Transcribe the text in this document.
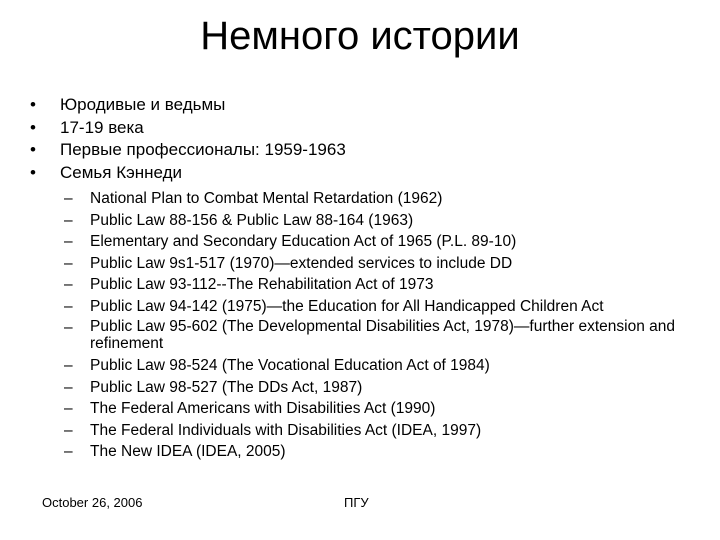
Немного истории
• Юродивые и ведьмы
• 17-19 века
• Первые профессионалы: 1959-1963
• Семья Кэннеди
– National Plan to Combat Mental Retardation (1962)
– Public Law 88-156 & Public Law 88-164 (1963)
– Elementary and Secondary Education Act of 1965 (P.L. 89-10)
– Public Law 9s1-517 (1970)—extended services to include DD
– Public Law 93-112--The Rehabilitation Act of 1973
– Public Law 94-142 (1975)—the Education for All Handicapped Children Act
– Public Law 95-602 (The Developmental Disabilities Act, 1978)—further extension and refinement
– Public Law 98-524 (The Vocational Education Act of 1984)
– Public Law 98-527 (The DDs Act, 1987)
– The Federal Americans with Disabilities Act (1990)
– The Federal Individuals with Disabilities Act (IDEA, 1997)
– The New IDEA (IDEA, 2005)
October 26, 2006	ПГУ
